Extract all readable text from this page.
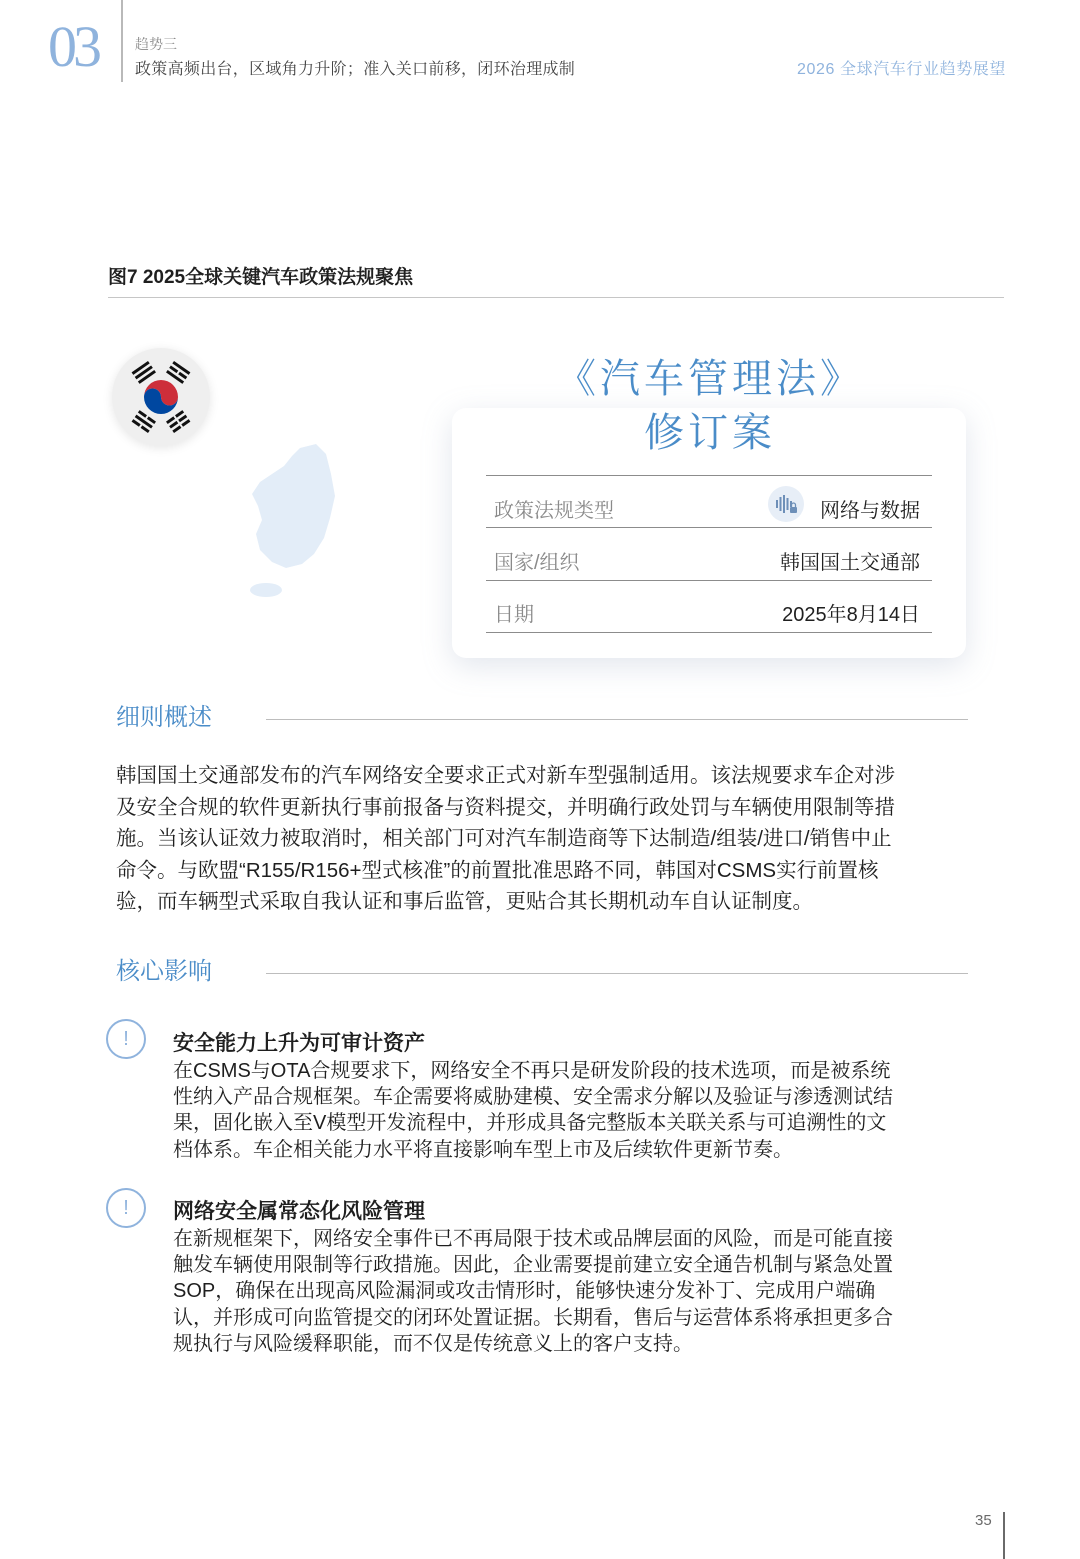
03	趋势三
政策高频出台，区域角力升阶；准入关口前移，闭环治理成制	2026 全球汽车行业趋势展望
图7 2025全球关键汽车政策法规聚焦
《汽车管理法》
修订案
政策法规类型	网络与数据
国家/组织	韩国国土交通部
日期	2025年8月14日
细则概述
韩国国土交通部发布的汽车网络安全要求正式对新车型强制适用。该法规要求车企对涉
及安全合规的软件更新执行事前报备与资料提交，并明确行政处罚与车辆使用限制等措
施。当该认证效力被取消时，相关部门可对汽车制造商等下达制造/组装/进口/销售中止
命令。与欧盟“R155/R156+型式核准”的前置批准思路不同，韩国对CSMS实行前置核
验，而车辆型式采取自我认证和事后监管，更贴合其长期机动车自认证制度。
核心影响
!	安全能力上升为可审计资产
在CSMS与OTA合规要求下，网络安全不再只是研发阶段的技术选项，而是被系统
性纳入产品合规框架。车企需要将威胁建模、安全需求分解以及验证与渗透测试结
果，固化嵌入至V模型开发流程中，并形成具备完整版本关联关系与可追溯性的文
档体系。车企相关能力水平将直接影响车型上市及后续软件更新节奏。
!	网络安全属常态化风险管理
在新规框架下，网络安全事件已不再局限于技术或品牌层面的风险，而是可能直接
触发车辆使用限制等行政措施。因此，企业需要提前建立安全通告机制与紧急处置
SOP，确保在出现高风险漏洞或攻击情形时，能够快速分发补丁、完成用户端确
认，并形成可向监管提交的闭环处置证据。长期看，售后与运营体系将承担更多合
规执行与风险缓释职能，而不仅是传统意义上的客户支持。
35
